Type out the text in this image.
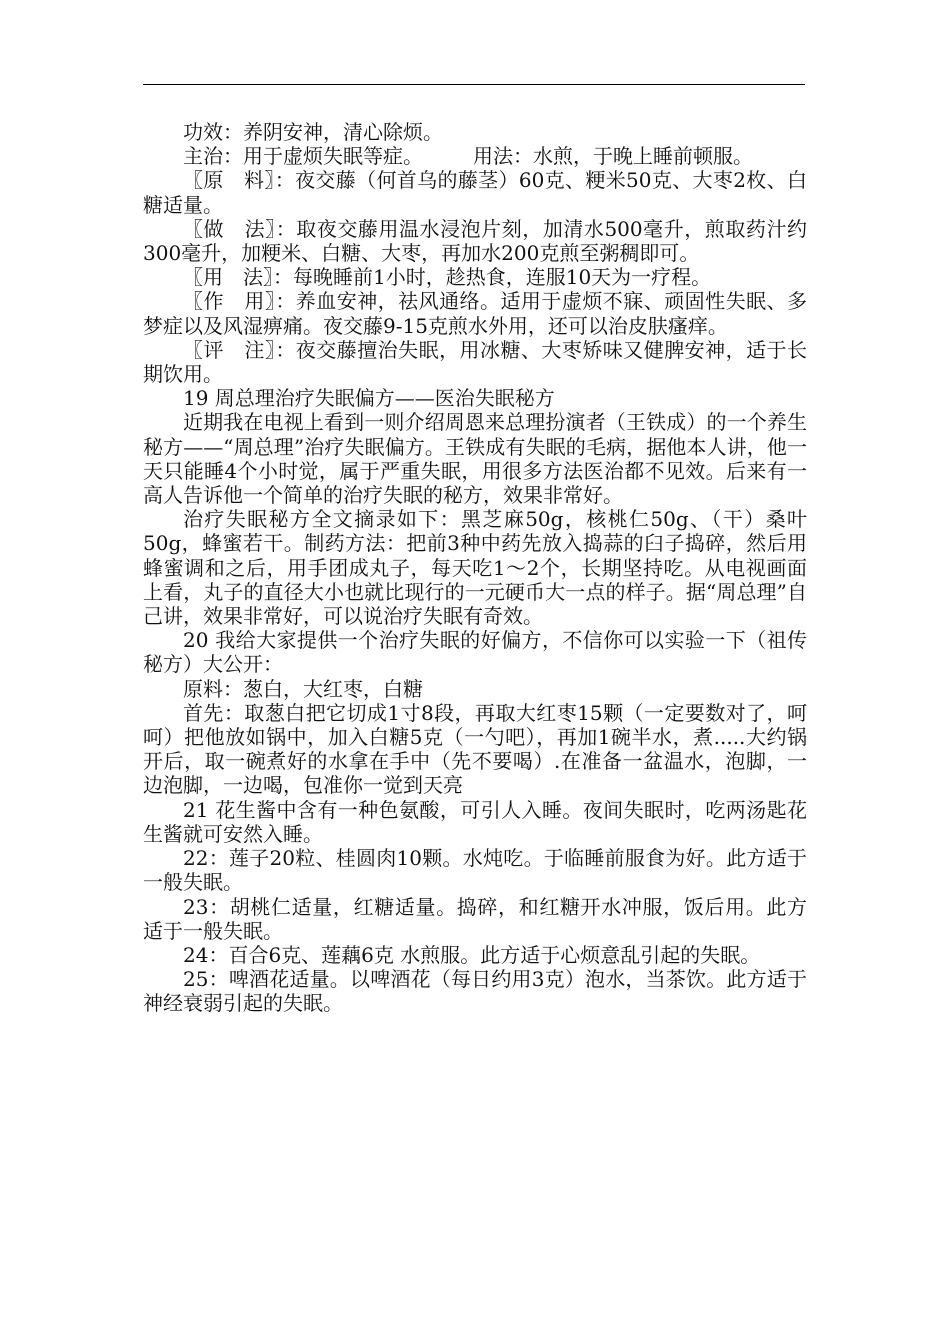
功效：养阴安神，清心除烦。

主治：用于虚烦失眠等症。　　　用法：水煎，于晚上睡前顿服。

〖原　料〗：夜交藤（何首乌的藤茎）60克、粳米50克、大枣2枚、白糖适量。

〖做　法〗：取夜交藤用温水浸泡片刻，加清水500毫升，煎取药汁约300毫升，加粳米、白糖、大枣，再加水200克煎至粥稠即可。

〖用　法〗：每晚睡前1小时，趁热食，连服10天为一疗程。

〖作　用〗：养血安神，祛风通络。适用于虚烦不寐、顽固性失眠、多梦症以及风湿痹痛。夜交藤9-15克煎水外用，还可以治皮肤瘙痒。

〖评　注〗：夜交藤擅治失眠，用冰糖、大枣矫味又健脾安神，适于长期饮用。

19 周总理治疗失眠偏方——医治失眠秘方

近期我在电视上看到一则介绍周恩来总理扮演者（王铁成）的一个养生秘方——“周总理”治疗失眠偏方。王铁成有失眠的毛病，据他本人讲，他一天只能睡4个小时觉，属于严重失眠，用很多方法医治都不见效。后来有一高人告诉他一个简单的治疗失眠的秘方，效果非常好。

治疗失眠秘方全文摘录如下：黑芝麻50g，核桃仁50g、（干）桑叶50g，蜂蜜若干。制药方法：把前3种中药先放入捣蒜的臼子捣碎，然后用蜂蜜调和之后，用手团成丸子，每天吃1～2个，长期坚持吃。从电视画面上看，丸子的直径大小也就比现行的一元硬币大一点的样子。据“周总理”自己讲，效果非常好，可以说治疗失眠有奇效。

20 我给大家提供一个治疗失眠的好偏方，不信你可以实验一下（祖传秘方）大公开：

原料：葱白，大红枣，白糖

首先：取葱白把它切成1寸8段，再取大红枣15颗（一定要数对了，呵呵）把他放如锅中，加入白糖5克（一勺吧），再加1碗半水，煮.....大约锅开后，取一碗煮好的水拿在手中（先不要喝）.在准备一盆温水，泡脚，一边泡脚，一边喝，包准你一觉到天亮

21 花生酱中含有一种色氨酸，可引人入睡。夜间失眠时，吃两汤匙花生酱就可安然入睡。

22：莲子20粒、桂圆肉10颗。水炖吃。于临睡前服食为好。此方适于一般失眠。

23：胡桃仁适量，红糖适量。捣碎，和红糖开水冲服，饭后用。此方适于一般失眠。

24：百合6克、莲藕6克 水煎服。此方适于心烦意乱引起的失眠。

25：啤酒花适量。以啤酒花（每日约用3克）泡水，当茶饮。此方适于神经衰弱引起的失眠。
